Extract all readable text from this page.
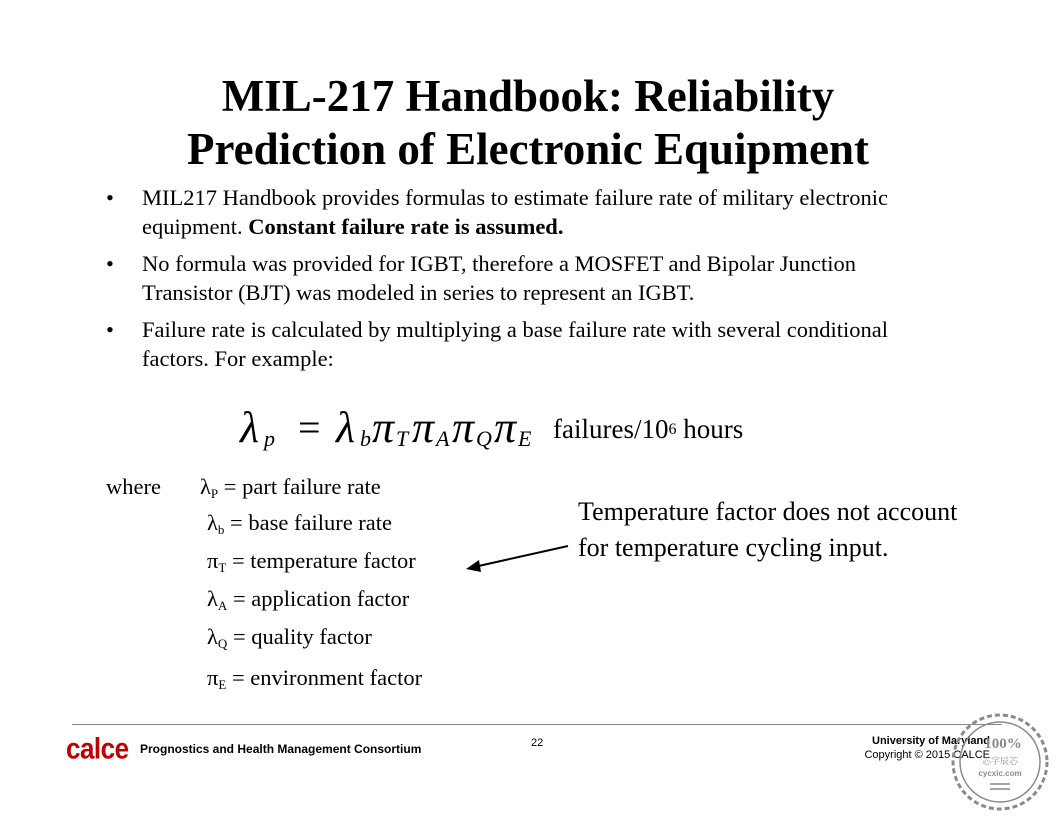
MIL-217 Handbook: Reliability
Prediction of Electronic Equipment
• MIL217 Handbook provides formulas to estimate failure rate of military electronic equipment. Constant failure rate is assumed.
• No formula was provided for IGBT, therefore a MOSFET and Bipolar Junction Transistor (BJT) was modeled in series to represent an IGBT.
• Failure rate is calculated by multiplying a base failure rate with several conditional factors. For example:
λ p = λ b π T π A π Q π E failures/$10^6$ hours
where $\lambda_P$ = part failure rate
$\lambda_b$ = base failure rate
$\pi_T$ = temperature factor
$\lambda_A$ = application factor
$\lambda_Q$ = quality factor
$\pi_E$ = environment factor
Temperature factor does not account for temperature cycling input.
calce Prognostics and Health Management Consortium	22	University of Maryland
Copyright © 2015 CALCE
100%
芯字辰芯
cycxic.com
